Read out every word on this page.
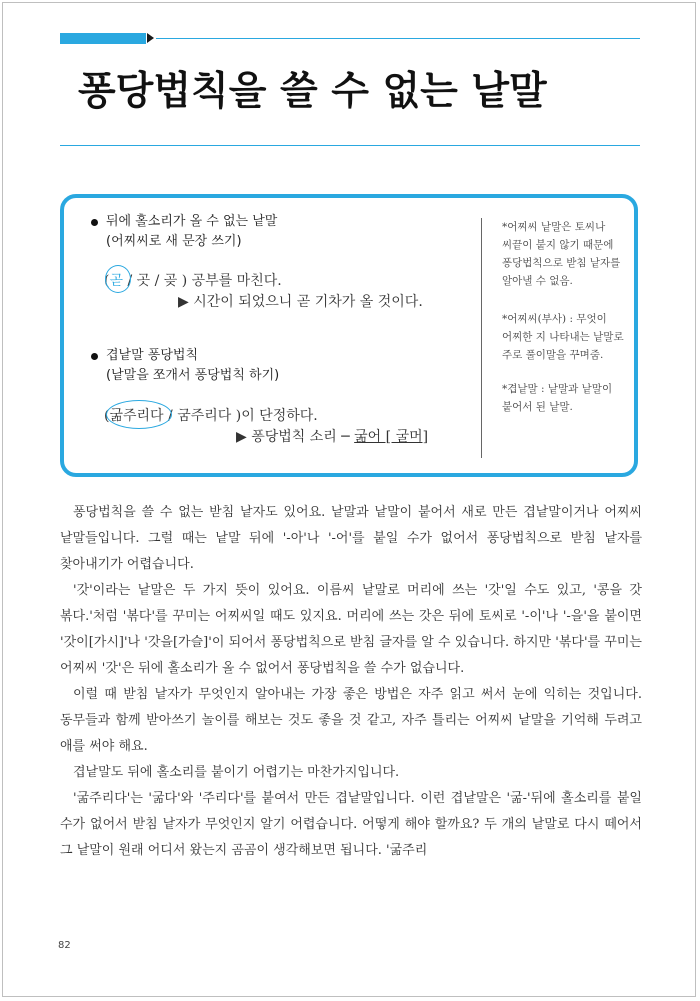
퐁당법칙을 쓸 수 없는 낱말
뒤에 홀소리가 올 수 없는 낱말
(어찌씨로 새 문장 쓰기)
(곧 / 곳 / 곶 ) 공부를 마친다.
▶ 시간이 되었으니 곧 기차가 올 것이다.
겹낱말 퐁당법칙
(낱말을 쪼개서 퐁당법칙 하기)
(굶주리다 / 굼주리다 )이 단정하다.
▶ 퐁당법칙 소리 ─ 굶어 [ 굴머]
*어찌씨 낱말은 토씨나 씨끝이 붙지 않기 때문에 퐁당법칙으로 받침 낱자를 알아낼 수 없음.
*어찌씨(부사) : 무엇이 어찌한 지 나타내는 낱말로 주로 풀이말을 꾸며줌.
*겹낱말 : 낱말과 낱말이 붙어서 된 낱말.

퐁당법칙을 쓸 수 없는 받침 낱자도 있어요. 낱말과 낱말이 붙어서 새로 만든 겹낱말이거나 어찌씨 낱말들입니다. 그럴 때는 낱말 뒤에 '-아'나 '-어'를 붙일 수가 없어서 퐁당법칙으로 받침 낱자를 찾아내기가 어렵습니다.

'갓'이라는 낱말은 두 가지 뜻이 있어요. 이름씨 낱말로 머리에 쓰는 '갓'일 수도 있고, '콩을 갓 볶다.'처럼 '볶다'를 꾸미는 어찌씨일 때도 있지요. 머리에 쓰는 갓은 뒤에 토씨로 '-이'나 '-을'을 붙이면 '갓이[가시]'나 '갓을[가슬]'이 되어서 퐁당법칙으로 받침 글자를 알 수 있습니다. 하지만 '볶다'를 꾸미는 어찌씨 '갓'은 뒤에 홀소리가 올 수 없어서 퐁당법칙을 쓸 수가 없습니다.

이럴 때 받침 낱자가 무엇인지 알아내는 가장 좋은 방법은 자주 읽고 써서 눈에 익히는 것입니다. 동무들과 함께 받아쓰기 놀이를 해보는 것도 좋을 것 같고, 자주 틀리는 어찌씨 낱말을 기억해 두려고 애를 써야 해요.

겹낱말도 뒤에 홀소리를 붙이기 어렵기는 마찬가지입니다.

'굶주리다'는 '굶다'와 '주리다'를 붙여서 만든 겹낱말입니다. 이런 겹낱말은 '굶-'뒤에 홀소리를 붙일 수가 없어서 받침 낱자가 무엇인지 알기 어렵습니다. 어떻게 해야 할까요? 두 개의 낱말로 다시 떼어서 그 낱말이 원래 어디서 왔는지 곰곰이 생각해보면 됩니다. '굶주리

82
